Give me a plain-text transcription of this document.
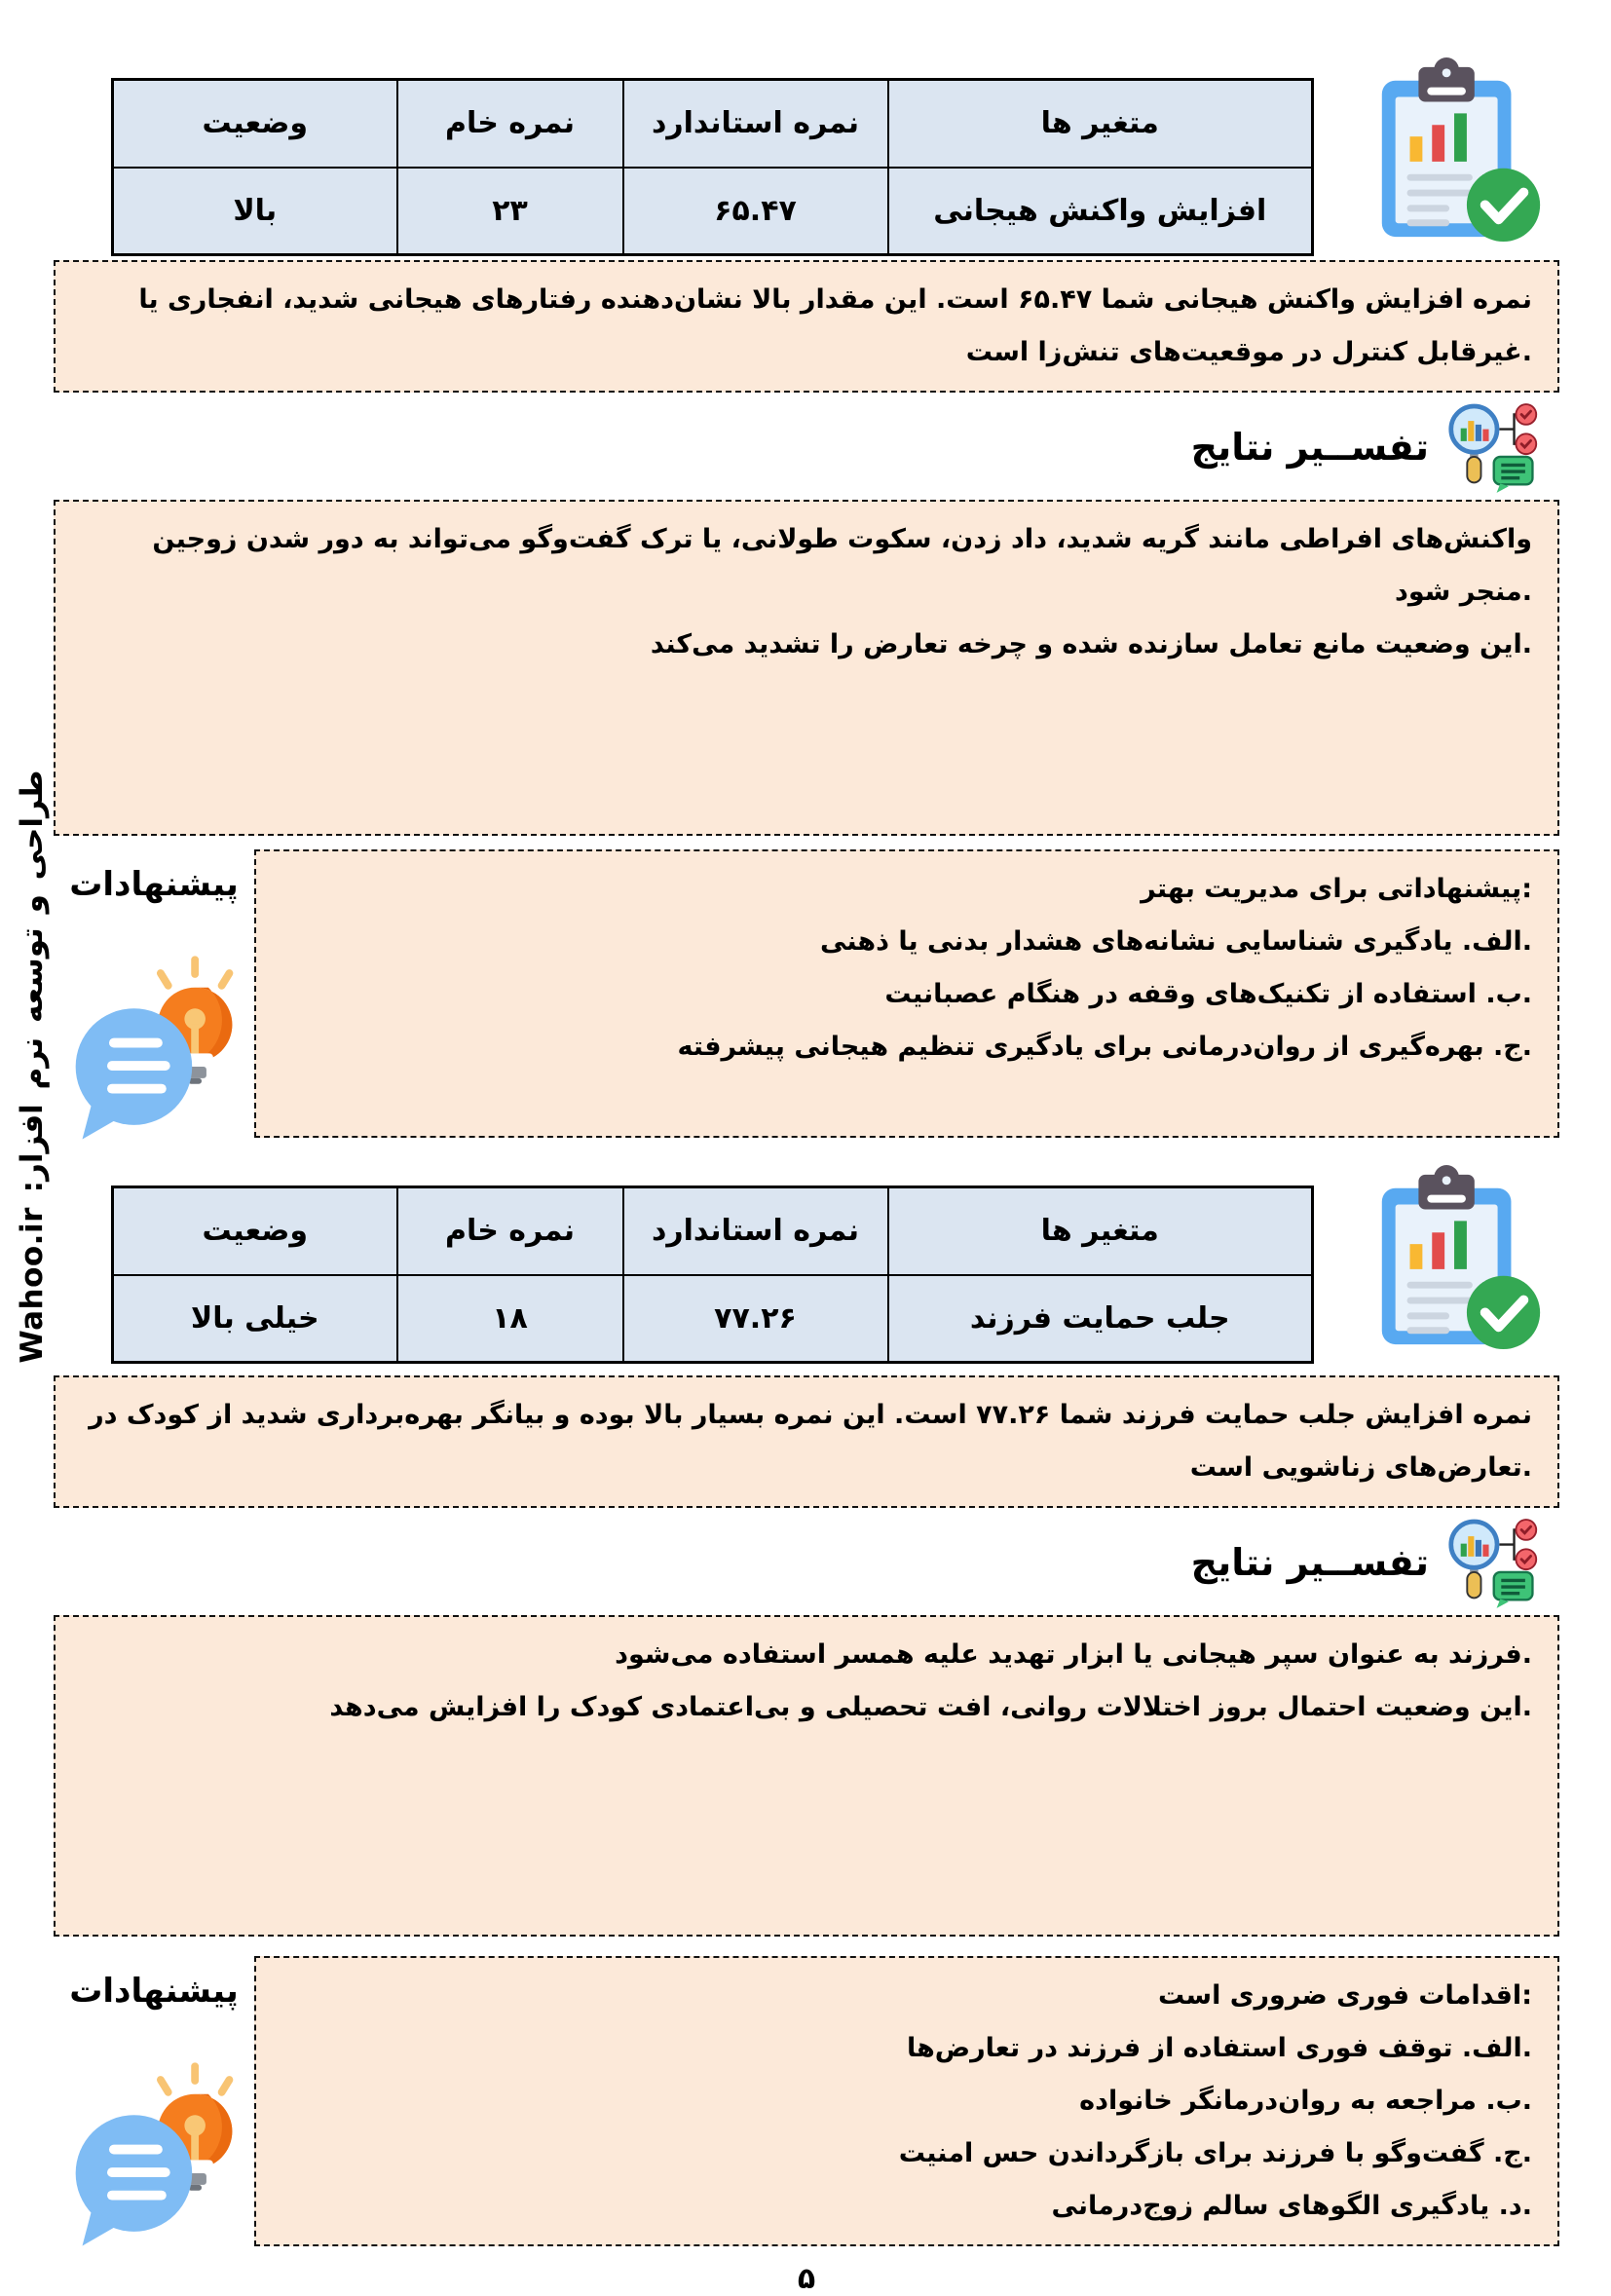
طراحی و توسعه نرم افزار: Wahoo.ir
متغیر ها	نمره استاندارد	نمره خام	وضعیت
افزایش واکنش هیجانی	۶۵.۴۷	۲۳	بالا

نمره افزایش واکنش هیجانی شما ۶۵.۴۷ است. این مقدار بالا نشان‌دهنده رفتارهای هیجانی شدید، انفجاری یا غیرقابل کنترل در موقعیت‌های تنش‌زا است.

تفســیر نتایج

واکنش‌های افراطی مانند گریه شدید، داد زدن، سکوت طولانی، یا ترک گفت‌وگو می‌تواند به دور شدن زوجین منجر شود.

این وضعیت مانع تعامل سازنده شده و چرخه تعارض را تشدید می‌کند.

پیشنهادات	پیشنهاداتی برای مدیریت بهتر:

الف. یادگیری شناسایی نشانه‌های هشدار بدنی یا ذهنی.

ب. استفاده از تکنیک‌های وقفه در هنگام عصبانیت.

ج. بهره‌گیری از روان‌درمانی برای یادگیری تنظیم هیجانی پیشرفته.

متغیر ها	نمره استاندارد	نمره خام	وضعیت
جلب حمایت فرزند	۷۷.۲۶	۱۸	خیلی بالا

نمره افزایش جلب حمایت فرزند شما ۷۷.۲۶ است. این نمره بسیار بالا بوده و بیانگر بهره‌برداری شدید از کودک در تعارض‌های زناشویی است.

تفســیر نتایج

فرزند به عنوان سپر هیجانی یا ابزار تهدید علیه همسر استفاده می‌شود.

این وضعیت احتمال بروز اختلالات روانی، افت تحصیلی و بی‌اعتمادی کودک را افزایش می‌دهد.

پیشنهادات	اقدامات فوری ضروری است:

الف. توقف فوری استفاده از فرزند در تعارض‌ها.

ب. مراجعه به روان‌درمانگر خانواده.

ج. گفت‌وگو با فرزند برای بازگرداندن حس امنیت.

د. یادگیری الگوهای سالم زوج‌درمانی.

۵
